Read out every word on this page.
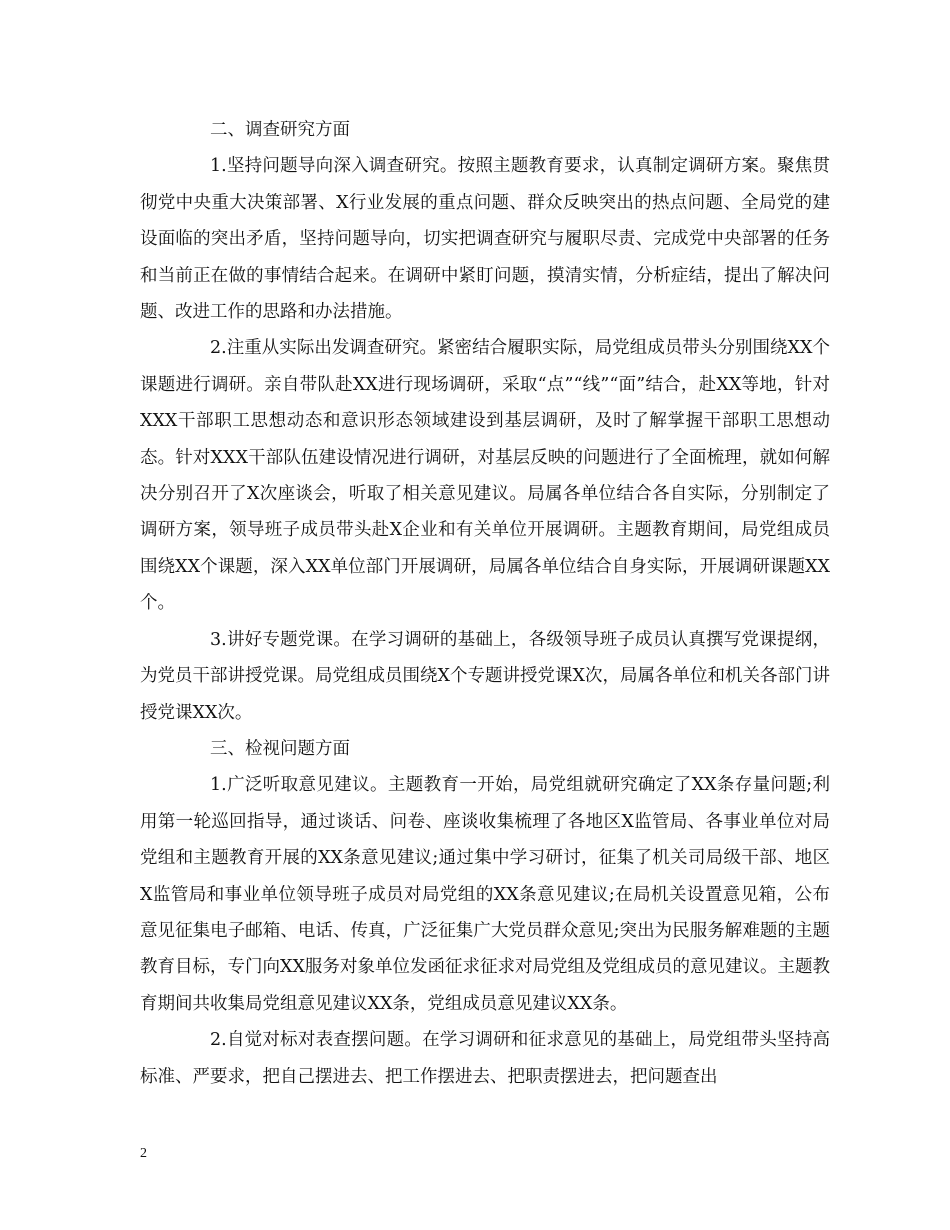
二、调查研究方面

1.坚持问题导向深入调查研究。按照主题教育要求，认真制定调研方案。聚焦贯彻党中央重大决策部署、X行业发展的重点问题、群众反映突出的热点问题、全局党的建设面临的突出矛盾，坚持问题导向，切实把调查研究与履职尽责、完成党中央部署的任务和当前正在做的事情结合起来。在调研中紧盯问题，摸清实情，分析症结，提出了解决问题、改进工作的思路和办法措施。

2.注重从实际出发调查研究。紧密结合履职实际，局党组成员带头分别围绕XX个课题进行调研。亲自带队赴XX进行现场调研，采取“点”“线”“面”结合，赴XX等地，针对XXX干部职工思想动态和意识形态领域建设到基层调研，及时了解掌握干部职工思想动态。针对XXX干部队伍建设情况进行调研，对基层反映的问题进行了全面梳理，就如何解决分别召开了X次座谈会，听取了相关意见建议。局属各单位结合各自实际，分别制定了调研方案，领导班子成员带头赴X企业和有关单位开展调研。主题教育期间，局党组成员围绕XX个课题，深入XX单位部门开展调研，局属各单位结合自身实际，开展调研课题XX个。

3.讲好专题党课。在学习调研的基础上，各级领导班子成员认真撰写党课提纲，为党员干部讲授党课。局党组成员围绕X个专题讲授党课X次，局属各单位和机关各部门讲授党课XX次。

三、检视问题方面

1.广泛听取意见建议。主题教育一开始，局党组就研究确定了XX条存量问题;利用第一轮巡回指导，通过谈话、问卷、座谈收集梳理了各地区X监管局、各事业单位对局党组和主题教育开展的XX条意见建议;通过集中学习研讨，征集了机关司局级干部、地区X监管局和事业单位领导班子成员对局党组的XX条意见建议;在局机关设置意见箱，公布意见征集电子邮箱、电话、传真，广泛征集广大党员群众意见;突出为民服务解难题的主题教育目标，专门向XX服务对象单位发函征求征求对局党组及党组成员的意见建议。主题教育期间共收集局党组意见建议XX条，党组成员意见建议XX条。

2.自觉对标对表查摆问题。在学习调研和征求意见的基础上，局党组带头坚持高标准、严要求，把自己摆进去、把工作摆进去、把职责摆进去，把问题查出

2
